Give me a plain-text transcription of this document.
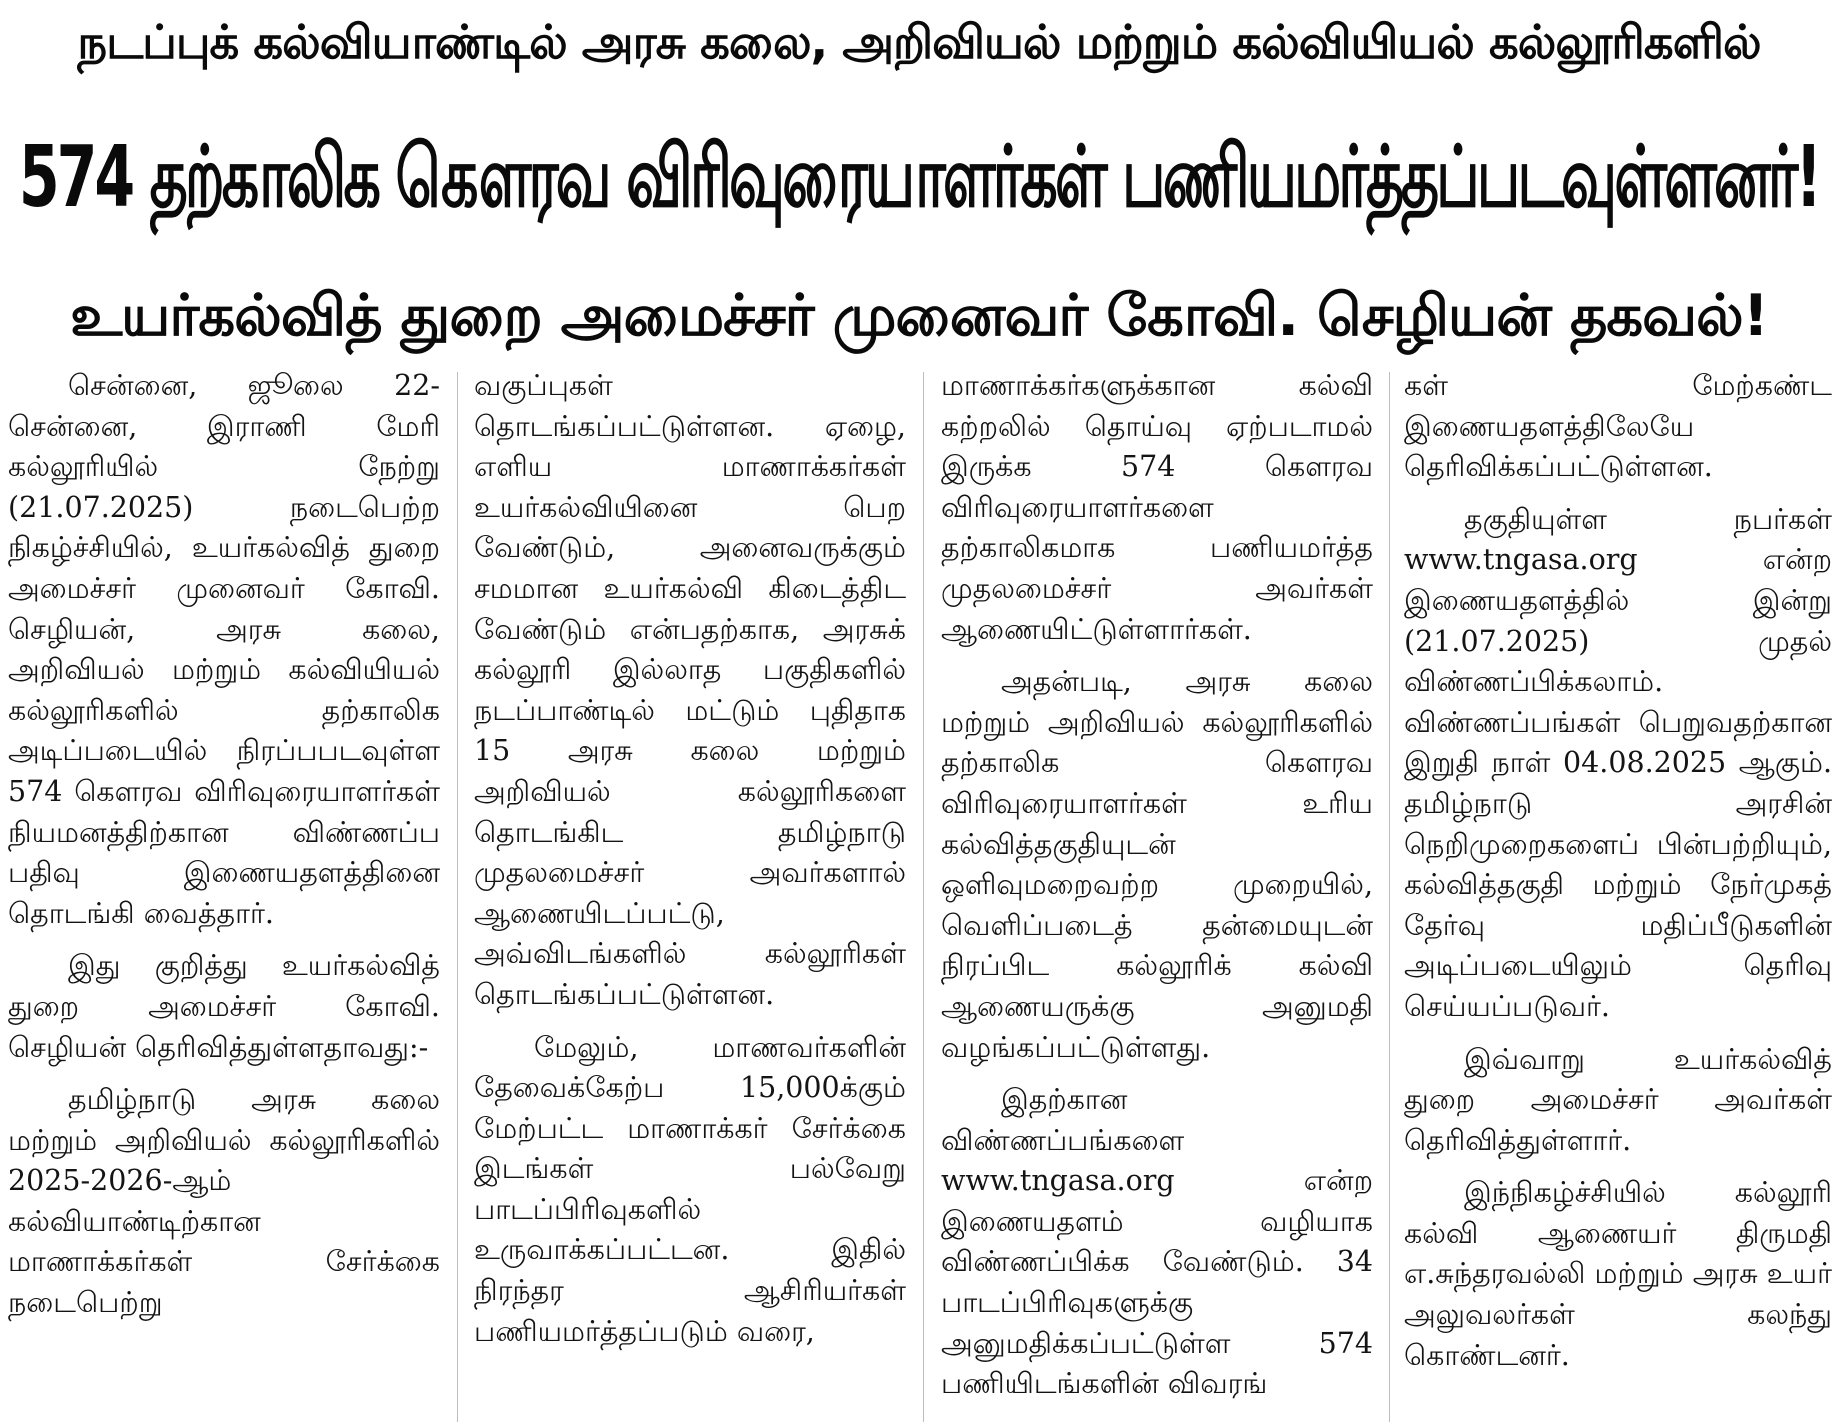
நடப்புக் கல்வியாண்டில் அரசு கலை, அறிவியல் மற்றும் கல்வியியல் கல்லூரிகளில்
574 தற்காலிக கௌரவ விரிவுரையாளர்கள் பணியமர்த்தப்படவுள்ளனர்!
உயர்கல்வித் துறை அமைச்சர் முனைவர் கோவி. செழியன் தகவல்!

சென்னை, ஜூலை 22- சென்னை, இராணி மேரி கல்லூரியில் நேற்று (21.07.2025) நடைபெற்ற நிகழ்ச்சியில், உயர்கல்வித் துறை அமைச்சர் முனைவர் கோவி. செழியன், அரசு கலை, அறிவியல் மற்றும் கல்வியியல் கல்லூரிகளில் தற்காலிக அடிப்படையில் நிரப்பபடவுள்ள 574 கௌரவ விரிவுரையாளர்கள் நியமனத்திற்கான விண்ணப்ப பதிவு இணையதளத்தினை தொடங்கி வைத்தார்.

இது குறித்து உயர்கல்வித் துறை அமைச்சர் கோவி. செழியன் தெரிவித்துள்ளதாவது:-

தமிழ்நாடு அரசு கலை மற்றும் அறிவியல் கல்லூரிகளில் 2025-2026-ஆம் கல்வியாண்டிற்கான மாணாக்கர்கள் சேர்க்கை நடைபெற்று

வகுப்புகள் தொடங்கப்பட்டுள்ளன. ஏழை, எளிய மாணாக்கர்கள் உயர்கல்வியினை பெற வேண்டும், அனைவருக்கும் சமமான உயர்கல்வி கிடைத்திட வேண்டும் என்பதற்காக, அரசுக் கல்லூரி இல்லாத பகுதிகளில் நடப்பாண்டில் மட்டும் புதிதாக 15 அரசு கலை மற்றும் அறிவியல் கல்லூரிகளை தொடங்கிட தமிழ்நாடு முதலமைச்சர் அவர்களால் ஆணையிடப்பட்டு, அவ்விடங்களில் கல்லூரிகள் தொடங்கப்பட்டுள்ளன.

மேலும், மாணவர்களின் தேவைக்கேற்ப 15,000க்கும் மேற்பட்ட மாணாக்கர் சேர்க்கை இடங்கள் பல்வேறு பாடப்பிரிவுகளில் உருவாக்கப்பட்டன. இதில் நிரந்தர ஆசிரியர்கள் பணியமர்த்தப்படும் வரை,

மாணாக்கர்களுக்கான கல்வி கற்றலில் தொய்வு ஏற்படாமல் இருக்க 574 கௌரவ விரிவுரையாளர்களை தற்காலிகமாக பணியமர்த்த முதலமைச்சர் அவர்கள் ஆணையிட்டுள்ளார்கள்.

அதன்படி, அரசு கலை மற்றும் அறிவியல் கல்லூரிகளில் தற்காலிக கௌரவ விரிவுரையாளர்கள் உரிய கல்வித்தகுதியுடன் ஒளிவுமறைவற்ற முறையில், வெளிப்படைத் தன்மையுடன் நிரப்பிட கல்லூரிக் கல்வி ஆணையருக்கு அனுமதி வழங்கப்பட்டுள்ளது.

இதற்கான விண்ணப்பங்களை www.tngasa.org என்ற இணையதளம் வழியாக விண்ணப்பிக்க வேண்டும். 34 பாடப்பிரிவுகளுக்கு அனுமதிக்கப்பட்டுள்ள 574 பணியிடங்களின் விவரங்

கள் மேற்கண்ட இணையதளத்திலேயே தெரிவிக்கப்பட்டுள்ளன.

தகுதியுள்ள நபர்கள் www.tngasa.org என்ற இணையதளத்தில் இன்று (21.07.2025) முதல் விண்ணப்பிக்கலாம். விண்ணப்பங்கள் பெறுவதற்கான இறுதி நாள் 04.08.2025 ஆகும். தமிழ்நாடு அரசின் நெறிமுறைகளைப் பின்பற்றியும், கல்வித்தகுதி மற்றும் நேர்முகத் தேர்வு மதிப்பீடுகளின் அடிப்படையிலும் தெரிவு செய்யப்படுவர்.

இவ்வாறு உயர்கல்வித் துறை அமைச்சர் அவர்கள் தெரிவித்துள்ளார்.

இந்நிகழ்ச்சியில் கல்லூரி கல்வி ஆணையர் திருமதி எ.சுந்தரவல்லி மற்றும் அரசு உயர் அலுவலர்கள் கலந்து கொண்டனர்.
